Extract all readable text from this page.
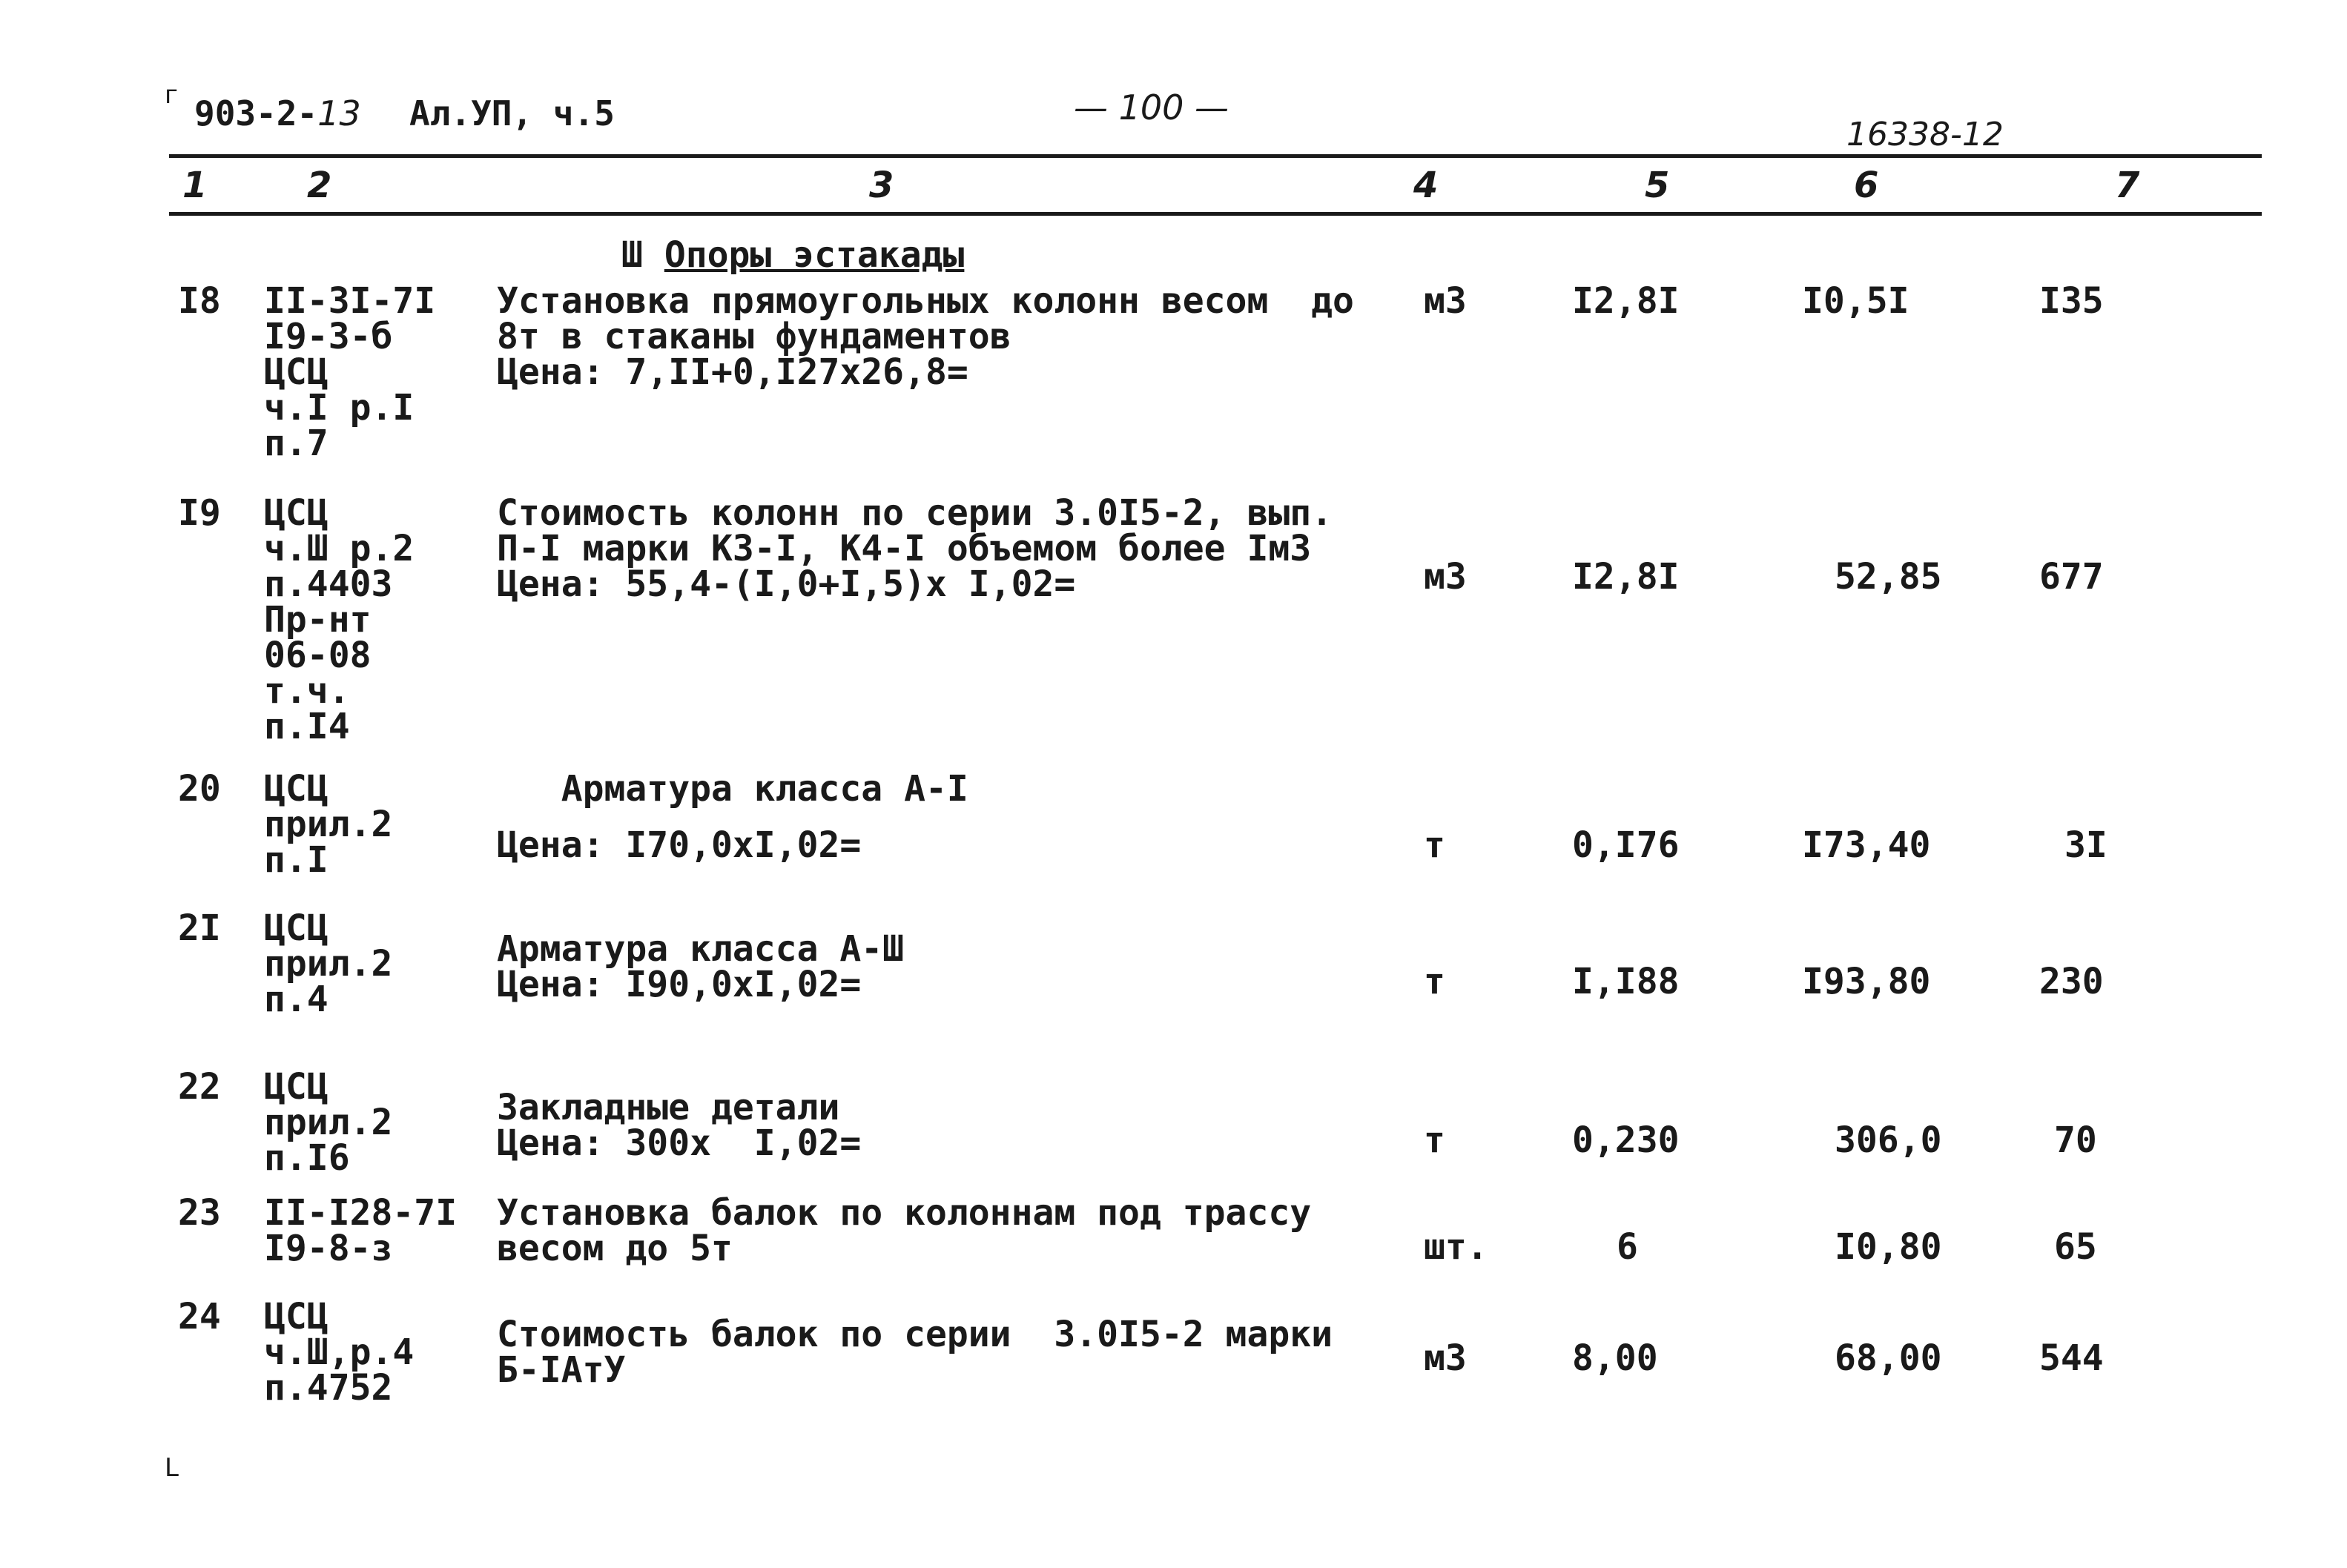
г 903-2-13 Ал.УП, ч.5	— 100 —
16338-12
1	2	3	4	5	6	7
Ш Опоры эстакады
I8 II-3I-7I
I9-3-б
ЦСЦ
ч.I р.I
п.7
Установка прямоугольных колонн весом  до
8т в стаканы фундаментов
Цена: 7,II+0,I27х26,8=
м3	I2,8I	I0,5I	I35
I9 ЦСЦ
ч.Ш р.2
п.4403
Пр-нт
06-08
т.ч.
п.I4
Стоимость колонн по серии 3.0I5-2, вып.
П-I марки КЗ-I, К4-I объемом более Iм3
Цена: 55,4-(I,0+I,5)х I,02=	м3	I2,8I	52,85	677
20 ЦСЦ
прил.2
п.I
Арматура класса А-I
Цена: I70,0хI,02=	т	0,I76	I73,40	3I
2I ЦСЦ
прил.2
п.4
Арматура класса А-Ш
Цена: I90,0хI,02=	т	I,I88	I93,80	230
22 ЦСЦ
прил.2
п.I6
Закладные детали
Цена: 300х  I,02=	т	0,230	306,0	70
23 II-I28-7I
I9-8-з
Установка балок по колоннам под трассу
весом до 5т	шт.	6	I0,80	65
24 ЦСЦ
ч.Ш,р.4
п.4752
Стоимость балок по серии  3.0I5-2 марки
Б-IАтУ	м3	8,00	68,00	544
L
